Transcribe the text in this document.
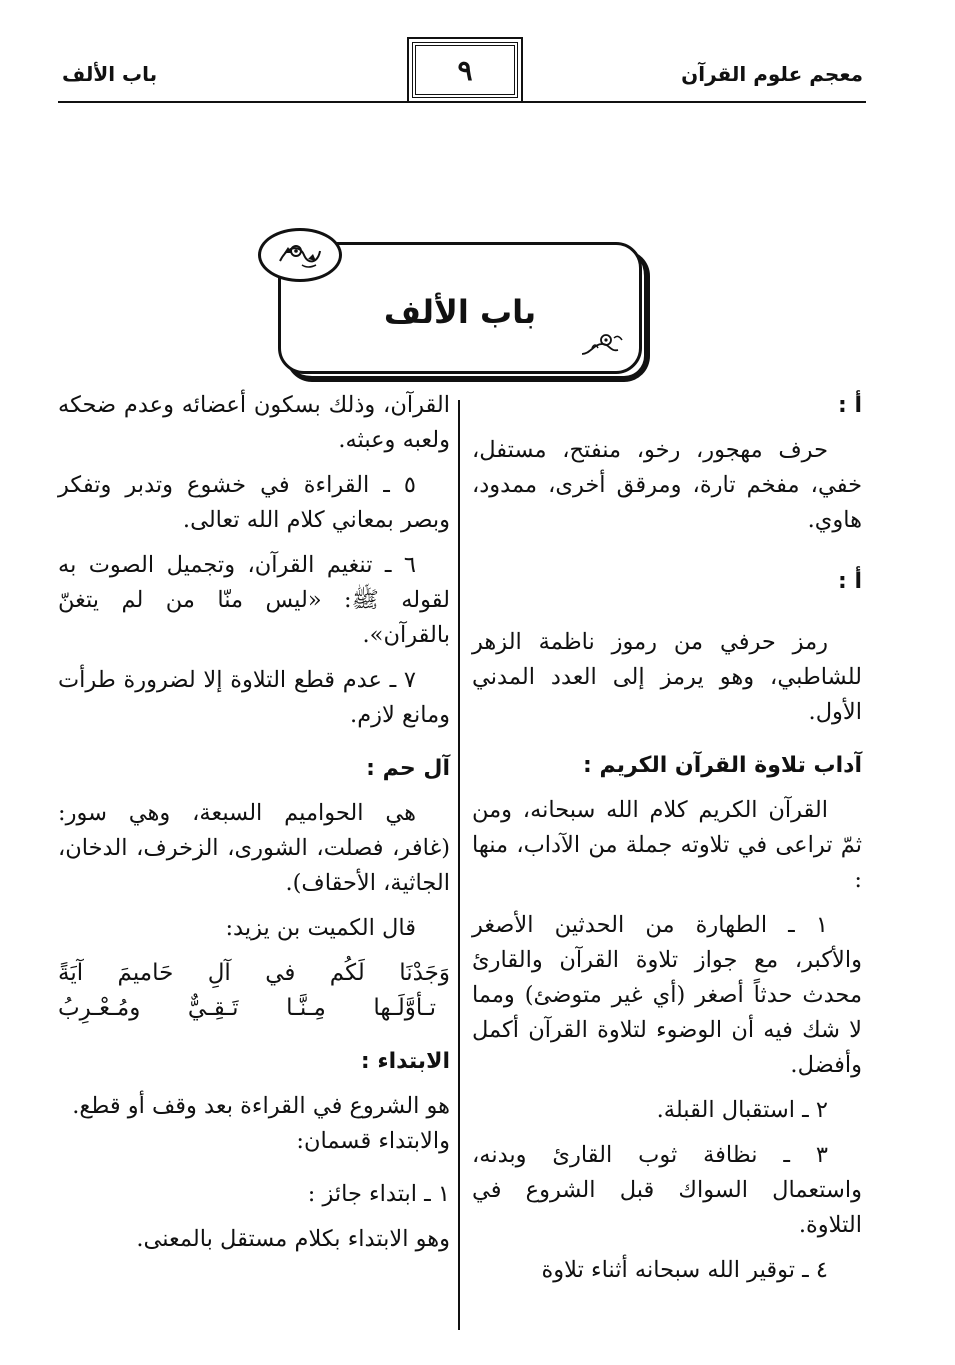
معجم علوم القرآن
٩
باب الألف
باب الألف

أ :

حرف مهجور، رخو، منفتح، مستفل، خفي، مفخم تارة، ومرقق أخرى، ممدود، هاوي.

أ :

رمز حرفي من رموز ناظمة الزهر للشاطبي، وهو يرمز إلى العدد المدني الأول.

آداب تلاوة القرآن الكريم :

القرآن الكريم كلام الله سبحانه، ومن ثمّ تراعى في تلاوته جملة من الآداب، منها :

١ ـ الطهارة من الحدثين الأصغر والأكبر، مع جواز تلاوة القرآن والقارئ محدث حدثاً أصغر (أي غير متوضئ) ومما لا شك فيه أن الوضوء لتلاوة القرآن أكمل وأفضل.

٢ ـ استقبال القبلة.

٣ ـ نظافة ثوب القارئ وبدنه، واستعمال السواك قبل الشروع في التلاوة.

٤ ـ توقير الله سبحانه أثناء تلاوة

القرآن، وذلك بسكون أعضائه وعدم ضحكه ولعبه وعبثه.

٥ ـ القراءة في خشوع وتدبر وتفكر وبصر بمعاني كلام الله تعالى.

٦ ـ تنغيم القرآن، وتجميل الصوت به لقوله ﷺ: «ليس منّا من لم يتغنّ بالقرآن».

٧ ـ عدم قطع التلاوة إلا لضرورة طرأت ومانع لازم.

آل حم :

هي الحواميم السبعة، وهي سور: (غافر، فصلت، الشورى، الزخرف، الدخان، الجاثية، الأحقاف).

قال الكميت بن يزيد:

وَجَدْنَا لَكُم في آلِ حَاميمَ آيَةً

تـأوَّلَـها مِـنَّـا تَـقِـيٌّ ومُـعْـرِبُ

الابتداء :

هو الشروع في القراءة بعد وقف أو قطع.

والابتداء قسمان:

١ ـ ابتداء جائز :

وهو الابتداء بكلام مستقل بالمعنى.
